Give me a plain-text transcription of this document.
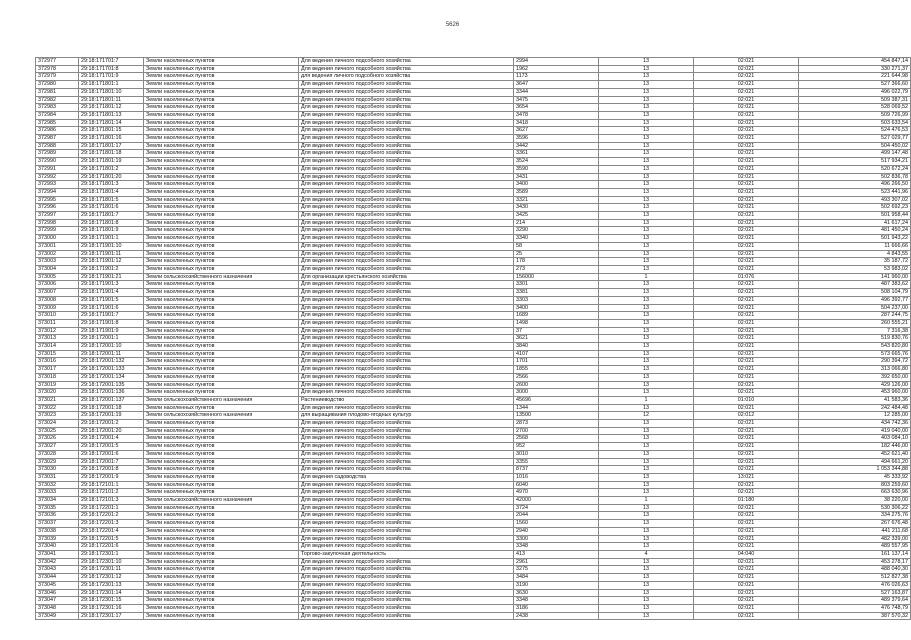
5626
372977	29:18:171701:7	Земли населенных пунктов	Для ведения личного подсобного хозяйства	2994	13	02:021	454 847,14
372978	29:18:171701:8	Земли населенных пунктов	Для ведения личного подсобного хозяйства	1962	13	02:021	330 271,37
372979	29:18:171701:9	Земли населенных пунктов	для ведения личного подсобного хозяйства	1173	13	02:021	221 644,98
372980	29:18:171801:1	Земли населенных пунктов	Для ведения личного подсобного хозяйства	3647	13	02:021	527 366,60
372981	29:18:171801:10	Земли населенных пунктов	Для ведения личного подсобного хозяйства	3344	13	02:021	496 022,79
372982	29:18:171801:11	Земли населенных пунктов	Для ведения личного подсобного хозяйства	3475	13	02:021	509 387,31
372983	29:18:171801:12	Земли населенных пунктов	Для ведения личного подсобного хозяйства	3654	13	02:021	528 069,52
372984	29:18:171801:13	Земли населенных пунктов	Для ведения личного подсобного хозяйства	3478	13	02:021	509 726,99
372985	29:18:171801:14	Земли населенных пунктов	Для ведения личного подсобного хозяйства	3418	13	02:021	503 633,54
372986	29:18:171801:15	Земли населенных пунктов	Для ведения личного подсобного хозяйства	3627	13	02:021	524 476,53
372987	29:18:171801:16	Земли населенных пунктов	Для ведения личного подсобного хозяйства	3596	13	02:021	527 029,77
372988	29:18:171801:17	Земли населенных пунктов	Для ведения личного подсобного хозяйства	3442	13	02:021	504 450,02
372989	29:18:171801:18	Земли населенных пунктов	Для ведения личного подсобного хозяйства	3361	13	02:021	499 147,48
372990	29:18:171801:19	Земли населенных пунктов	Для ведения личного подсобного хозяйства	3524	13	02:021	517 934,21
372991	29:18:171801:2	Земли населенных пунктов	Для ведения личного подсобного хозяйства	3590	13	02:021	520 672,24
372992	29:18:171801:20	Земли населенных пунктов	Для ведения личного подсобного хозяйства	3431	13	02:021	502 836,78
372993	29:18:171801:3	Земли населенных пунктов	Для ведения личного подсобного хозяйства	3400	13	02:021	496 266,50
372994	29:18:171801:4	Земли населенных пунктов	Для ведения личного подсобного хозяйства	3589	13	02:021	523 441,96
372995	29:18:171801:5	Земли населенных пунктов	Для ведения личного подсобного хозяйства	3321	13	02:021	493 307,02
372996	29:18:171801:6	Земли населенных пунктов	Для ведения личного подсобного хозяйства	3430	13	02:021	502 692,23
372997	29:18:171801:7	Земли населенных пунктов	Для ведения личного подсобного хозяйства	3425	13	02:021	501 958,44
372998	29:18:171801:8	Земли населенных пунктов	Для ведения личного подсобного хозяйства	214	13	02:021	41 617,24
372999	29:18:171801:9	Земли населенных пунктов	Для ведения личного подсобного хозяйства	3290	13	02:021	481 450,24
373000	29:18:171901:1	Земли населенных пунктов	Для ведения личного подсобного хозяйства	3340	13	02:021	501 943,22
373001	29:18:171901:10	Земли населенных пунктов	Для ведения личного подсобного хозяйства	58	13	02:021	11 666,66
373002	29:18:171901:11	Земли населенных пунктов	Для ведения личного подсобного хозяйства	25	13	02:021	4 843,55
373003	29:18:171901:12	Земли населенных пунктов	Для ведения личного подсобного хозяйства	178	13	02:021	35 187,72
373004	29:18:171901:2	Земли населенных пунктов	Для ведения личного подсобного хозяйства	273	13	02:021	53 983,02
373005	29:18:171901:21	Земли сельскохозяйственного назначения	Для организации крестьянского хозяйства	156000	1	01:076	141 960,00
373006	29:18:171901:3	Земли населенных пунктов	Для ведения личного подсобного хозяйства	3301	13	02:021	487 383,62
373007	29:18:171901:4	Земли населенных пунктов	Для ведения личного подсобного хозяйства	3381	13	02:021	508 104,79
373008	29:18:171901:5	Земли населенных пунктов	Для ведения личного подсобного хозяйства	3303	13	02:021	496 392,77
373009	29:18:171901:6	Земли населенных пунктов	Для ведения личного подсобного хозяйства	3400	13	02:021	504 237,00
373010	29:18:171901:7	Земли населенных пунктов	Для ведения личного подсобного хозяйства	1689	13	02:021	287 244,75
373011	29:18:171901:8	Земли населенных пунктов	Для ведения личного подсобного хозяйства	1498	13	02:021	260 555,21
373012	29:18:171901:9	Земли населенных пунктов	Для ведения личного подсобного хозяйства	37	13	02:021	7 316,38
373013	29:18:172001:1	Земли населенных пунктов	Для ведения личного подсобного хозяйства	3621	13	02:021	519 830,76
373014	29:18:172001:10	Земли населенных пунктов	Для ведения личного подсобного хозяйства	3840	13	02:021	543 820,80
373015	29:18:172001:11	Земли населенных пунктов	Для ведения личного подсобного хозяйства	4107	13	02:021	573 665,76
373016	29:18:172001:132	Земли населенных пунктов	Для ведения личного подсобного хозяйства	1701	13	02:021	290 394,72
373017	29:18:172001:133	Земли населенных пунктов	Для ведения личного подсобного хозяйства	1855	13	02:021	313 066,80
373018	29:18:172001:134	Земли населенных пунктов	Для ведения личного подсобного хозяйства	2566	13	02:021	392 650,00
373019	29:18:172001:135	Земли населенных пунктов	Для ведения личного подсобного хозяйства	2600	13	02:021	429 126,00
373020	29:18:172001:136	Земли населенных пунктов	Для ведения личного подсобного хозяйства	3000	13	02:021	453 960,00
373021	29:18:172001:137	Земли сельскохозяйственного назначения	Растениеводство	45696	1	01:010	41 583,36
373022	29:18:172001:18	Земли населенных пунктов	Для ведения личного подсобного хозяйства	1344	13	02:021	242 484,48
373023	29:18:172001:19	Земли сельскохозяйственного назначения	для выращивания плодово-ягодных культур	13500	12	02:012	12 285,00
373024	29:18:172001:2	Земли населенных пунктов	Для ведения личного подсобного хозяйства	2873	13	02:021	434 742,36
373025	29:18:172001:20	Земли населенных пунктов	Для ведения личного подсобного хозяйства	2700	13	02:021	419 040,00
373026	29:18:172001:4	Земли населенных пунктов	Для ведения личного подсобного хозяйства	2568	13	02:021	403 084,10
373027	29:18:172001:5	Земли населенных пунктов	Для ведения личного подсобного хозяйства	952	13	02:021	182 446,00
373028	29:18:172001:6	Земли населенных пунктов	Для ведения личного подсобного хозяйства	3010	13	02:021	452 621,40
373029	29:18:172001:7	Земли населенных пунктов	Для ведения личного подсобного хозяйства	3355	13	02:021	494 661,20
373030	29:18:172001:8	Земли населенных пунктов	Для ведения личного подсобного хозяйства	8737	13	02:021	1 053 344,88
373031	29:18:172001:9	Земли населенных пунктов	Для ведения садоводства	1016	13	13:021	45 333,92
373032	29:18:172101:1	Земли населенных пунктов	Для ведения личного подсобного хозяйства	6040	13	02:021	803 259,60
373033	29:18:172101:2	Земли населенных пунктов	Для ведения личного подсобного хозяйства	4970	13	02:021	663 630,96
373034	29:18:172101:3	Земли сельскохозяйственного назначения	Для ведения личного подсобного хозяйства	42000	1	01:180	38 220,00
373035	29:18:172201:1	Земли населенных пунктов	Для ведения личного подсобного хозяйства	3724	13	02:021	530 306,22
373036	29:18:172201:2	Земли населенных пунктов	Для ведения личного подсобного хозяйства	2044	13	02:021	334 275,76
373037	29:18:172201:3	Земли населенных пунктов	Для ведения личного подсобного хозяйства	1560	13	02:021	267 676,48
373038	29:18:172201:4	Земли населенных пунктов	Для ведения личного подсобного хозяйства	2940	13	02:021	441 211,68
373039	29:18:172201:5	Земли населенных пунктов	Для ведения личного подсобного хозяйства	3300	13	02:021	482 339,00
373040	29:18:172201:6	Земли населенных пунктов	Для ведения личного подсобного хозяйства	3348	13	02:021	489 557,95
373041	29:18:172301:1	Земли населенных пунктов	Торгово-закупочная деятельность	413	4	04:040	161 137,14
373042	29:18:172301:10	Земли населенных пунктов	Для ведения личного подсобного хозяйства	2961	13	02:021	453 278,17
373043	29:18:172301:11	Земли населенных пунктов	Для ведения личного подсобного хозяйства	3275	13	02:021	488 040,30
373044	29:18:172301:12	Земли населенных пунктов	Для ведения личного подсобного хозяйства	3484	13	02:021	512 827,38
373045	29:18:172301:13	Земли населенных пунктов	Для ведения личного подсобного хозяйства	3190	13	02:021	476 026,63
373046	29:18:172301:14	Земли населенных пунктов	Для ведения личного подсобного хозяйства	3630	13	02:021	527 163,87
373047	29:18:172301:15	Земли населенных пунктов	Для ведения личного подсобного хозяйства	3348	13	02:021	489 379,64
373048	29:18:172301:16	Земли населенных пунктов	Для ведения личного подсобного хозяйства	3186	13	02:021	476 748,79
373049	29:18:172301:17	Земли населенных пунктов	Для ведения личного подсобного хозяйства	2438	13	02:021	387 570,32
